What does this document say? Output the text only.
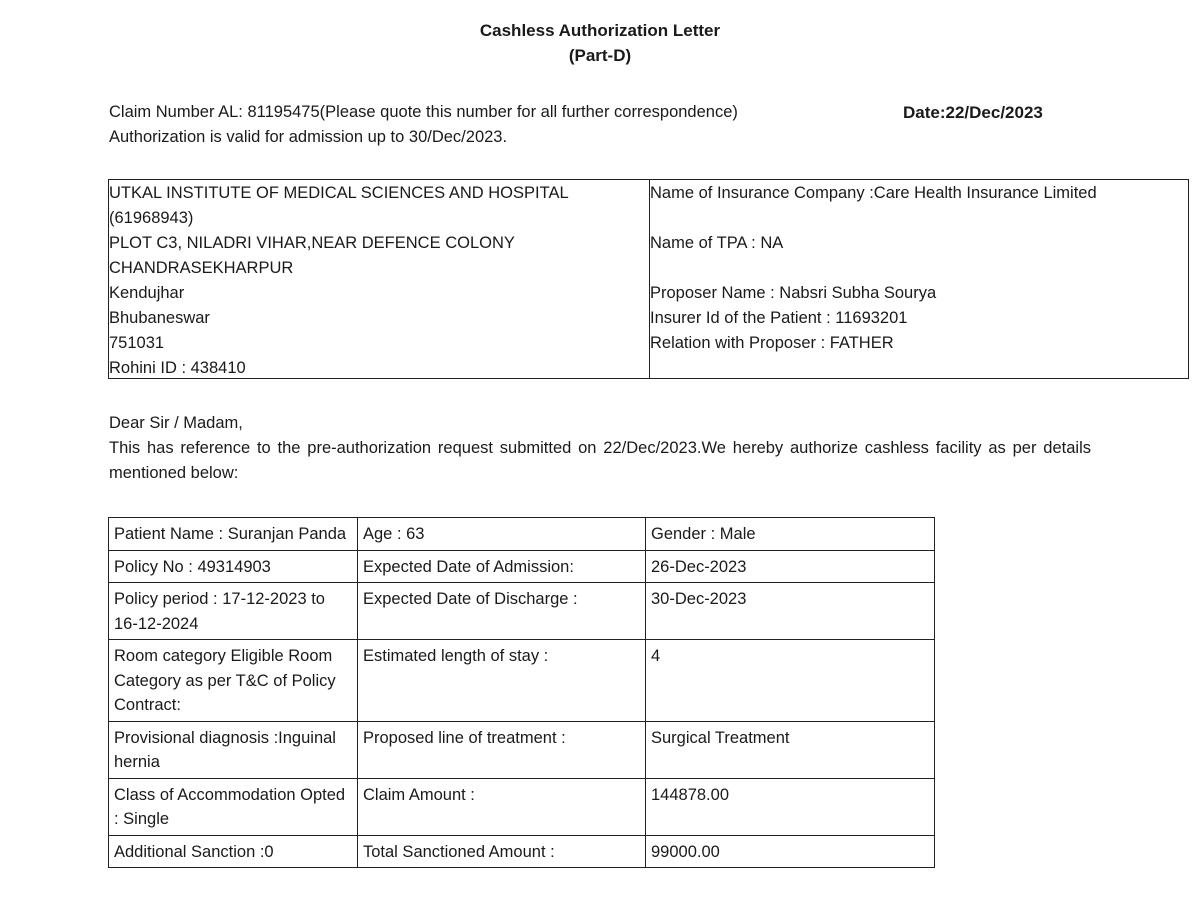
Cashless Authorization Letter
(Part-D)
Claim Number AL: 81195475(Please quote this number for all further correspondence)	Date:22/Dec/2023
Authorization is valid for admission up to 30/Dec/2023.
UTKAL INSTITUTE OF MEDICAL SCIENCES AND HOSPITAL
(61968943)
PLOT C3, NILADRI VIHAR,NEAR DEFENCE COLONY
CHANDRASEKHARPUR
Kendujhar
Bhubaneswar
751031
Rohini ID : 438410
Name of Insurance Company :Care Health Insurance Limited
Name of TPA : NA
Proposer Name : Nabsri Subha Sourya
Insurer Id of the Patient : 11693201
Relation with Proposer : FATHER
Dear Sir / Madam,
This has reference to the pre-authorization request submitted on 22/Dec/2023.We hereby authorize cashless facility as per details mentioned below:
Patient Name : Suranjan Panda	Age : 63	Gender : Male
Policy No : 49314903	Expected Date of Admission:	26-Dec-2023
Policy period : 17-12-2023 to 16-12-2024	Expected Date of Discharge :	30-Dec-2023
Room category Eligible Room Category as per T&C of Policy Contract:	Estimated length of stay :	4
Provisional diagnosis :Inguinal hernia	Proposed line of treatment :	Surgical Treatment
Class of Accommodation Opted : Single	Claim Amount :	144878.00
Additional Sanction :0	Total Sanctioned Amount :	99000.00
